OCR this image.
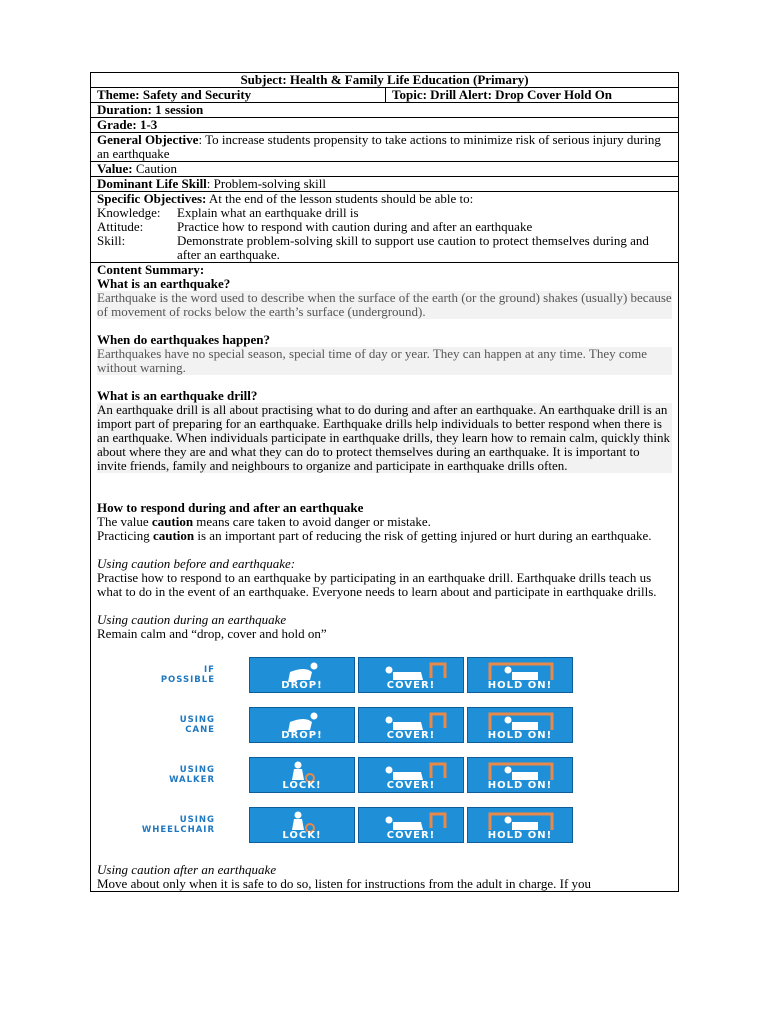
Subject: Health & Family Life Education (Primary)
Theme: Safety and Security	Topic: Drill Alert: Drop Cover Hold On
Duration: 1 session
Grade: 1-3
General Objective: To increase students propensity to take actions to minimize risk of serious injury during an earthquake
Value: Caution
Dominant Life Skill: Problem-solving skill

Specific Objectives: At the end of the lesson students should be able to:
Knowledge:	Explain what an earthquake drill is
Attitude:	Practice how to respond with caution during and after an earthquake
Skill:	Demonstrate problem-solving skill to support use caution to protect themselves during and after an earthquake.

Content Summary:
What is an earthquake?
Earthquake is the word used to describe when the surface of the earth (or the ground) shakes (usually) because of movement of rocks below the earth’s surface (underground).
When do earthquakes happen?
Earthquakes have no special season, special time of day or year. They can happen at any time. They come without warning.
What is an earthquake drill?
An earthquake drill is all about practising what to do during and after an earthquake. An earthquake drill is an import part of preparing for an earthquake. Earthquake drills help individuals to better respond when there is an earthquake. When individuals participate in earthquake drills, they learn how to remain calm, quickly think about where they are and what they can do to protect themselves during an earthquake. It is important to invite friends, family and neighbours to organize and participate in earthquake drills often.
How to respond during and after an earthquake
The value caution means care taken to avoid danger or mistake.
Practicing caution is an important part of reducing the risk of getting injured or hurt during an earthquake.
Using caution before and earthquake:
Practise how to respond to an earthquake by participating in an earthquake drill. Earthquake drills teach us what to do in the event of an earthquake. Everyone needs to learn about and participate in earthquake drills.
Using caution during an earthquake
Remain calm and “drop, cover and hold on”
IF
POSSIBLE	DROP!	COVER!	HOLD ON!
USING
CANE	DROP!	COVER!	HOLD ON!
USING
WALKER	LOCK!	COVER!	HOLD ON!
USING
WHEELCHAIR	LOCK!	COVER!	HOLD ON!
Using caution after an earthquake
Move about only when it is safe to do so, listen for instructions from the adult in charge. If you
